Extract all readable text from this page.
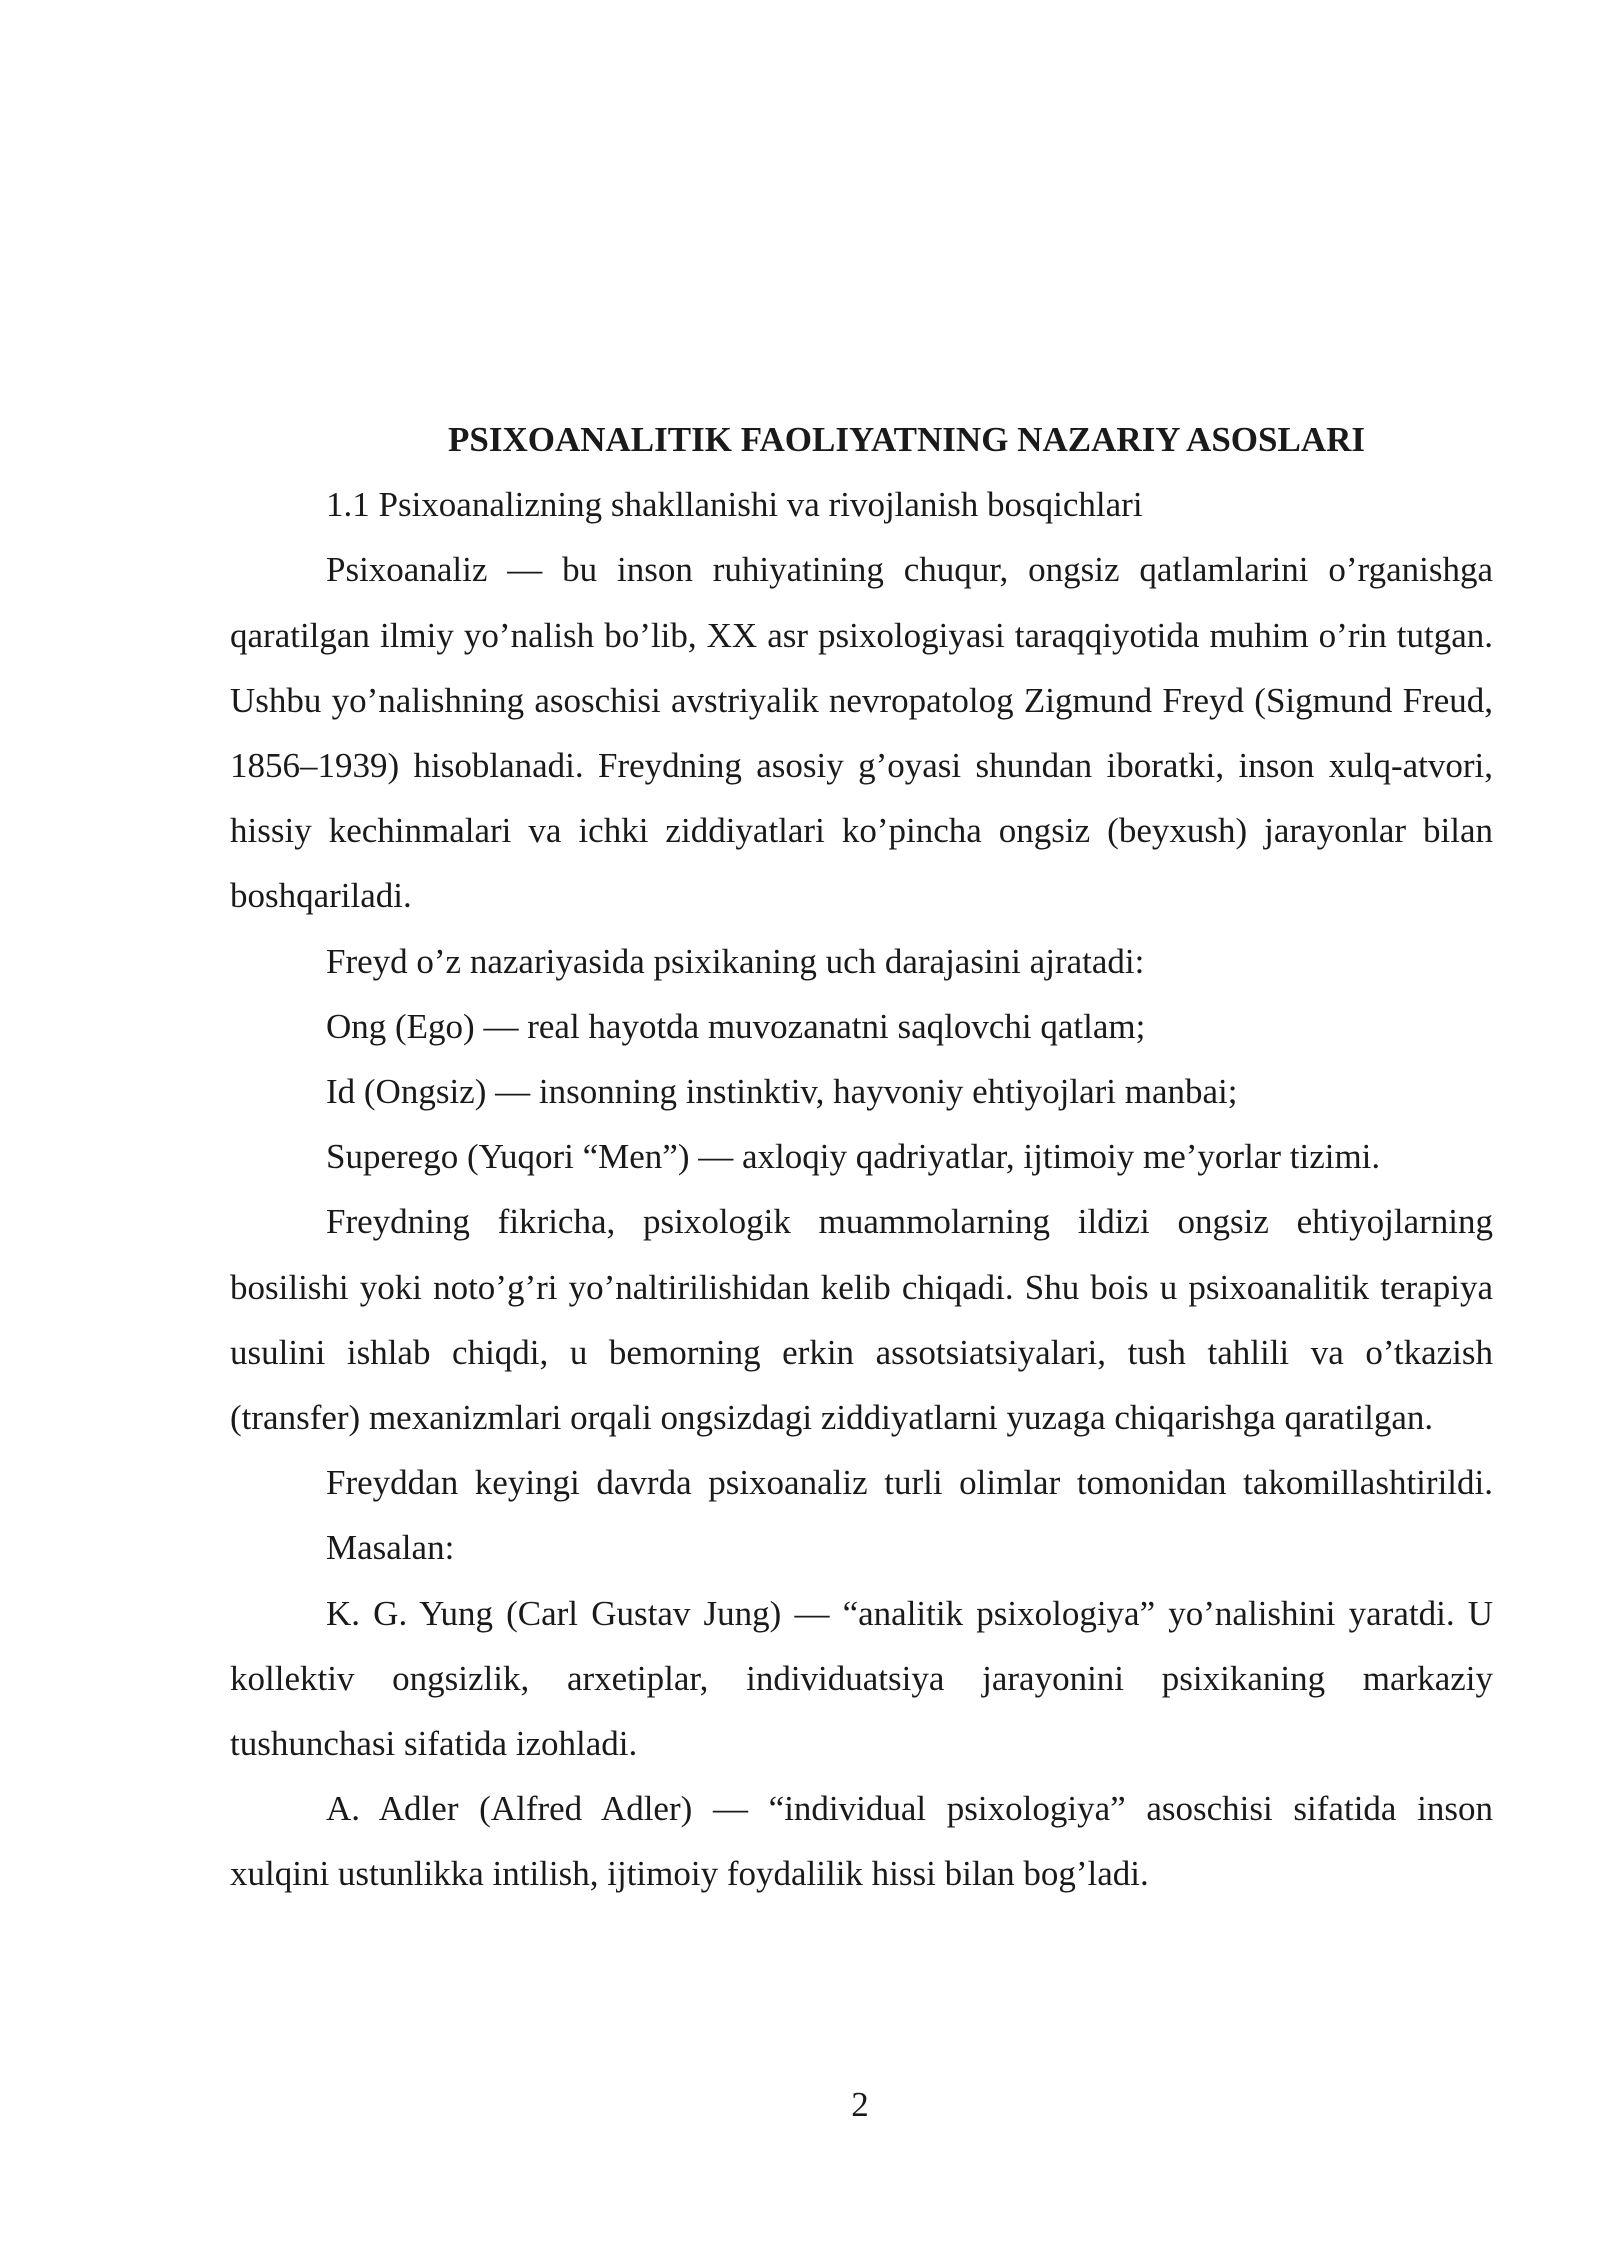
PSIXOANALITIK FAOLIYATNING NAZARIY ASOSLARI

1.1 Psixoanalizning shakllanishi va rivojlanish bosqichlari

Psixoanaliz — bu inson ruhiyatining chuqur, ongsiz qatlamlarini o’rganishga qaratilgan ilmiy yo’nalish bo’lib, XX asr psixologiyasi taraqqiyotida muhim o’rin tutgan. Ushbu yo’nalishning asoschisi avstriyalik nevropatolog Zigmund Freyd (Sigmund Freud, 1856–1939) hisoblanadi. Freydning asosiy g’oyasi shundan iboratki, inson xulq-atvori, hissiy kechinmalari va ichki ziddiyatlari ko’pincha ongsiz (beyxush) jarayonlar bilan boshqariladi.

Freyd o’z nazariyasida psixikaning uch darajasini ajratadi:

Ong (Ego) — real hayotda muvozanatni saqlovchi qatlam;

Id (Ongsiz) — insonning instinktiv, hayvoniy ehtiyojlari manbai;

Superego (Yuqori “Men”) — axloqiy qadriyatlar, ijtimoiy me’yorlar tizimi.

Freydning fikricha, psixologik muammolarning ildizi ongsiz ehtiyojlarning bosilishi yoki noto’g’ri yo’naltirilishidan kelib chiqadi. Shu bois u psixoanalitik terapiya usulini ishlab chiqdi, u bemorning erkin assotsiatsiyalari, tush tahlili va o’tkazish (transfer) mexanizmlari orqali ongsizdagi ziddiyatlarni yuzaga chiqarishga qaratilgan.

Freyddan keyingi davrda psixoanaliz turli olimlar tomonidan takomillashtirildi.

Masalan:

K. G. Yung (Carl Gustav Jung) — “analitik psixologiya” yo’nalishini yaratdi. U kollektiv ongsizlik, arxetiplar, individuatsiya jarayonini psixikaning markaziy tushunchasi sifatida izohladi.

A. Adler (Alfred Adler) — “individual psixologiya” asoschisi sifatida inson xulqini ustunlikka intilish, ijtimoiy foydalilik hissi bilan bog’ladi.

2
